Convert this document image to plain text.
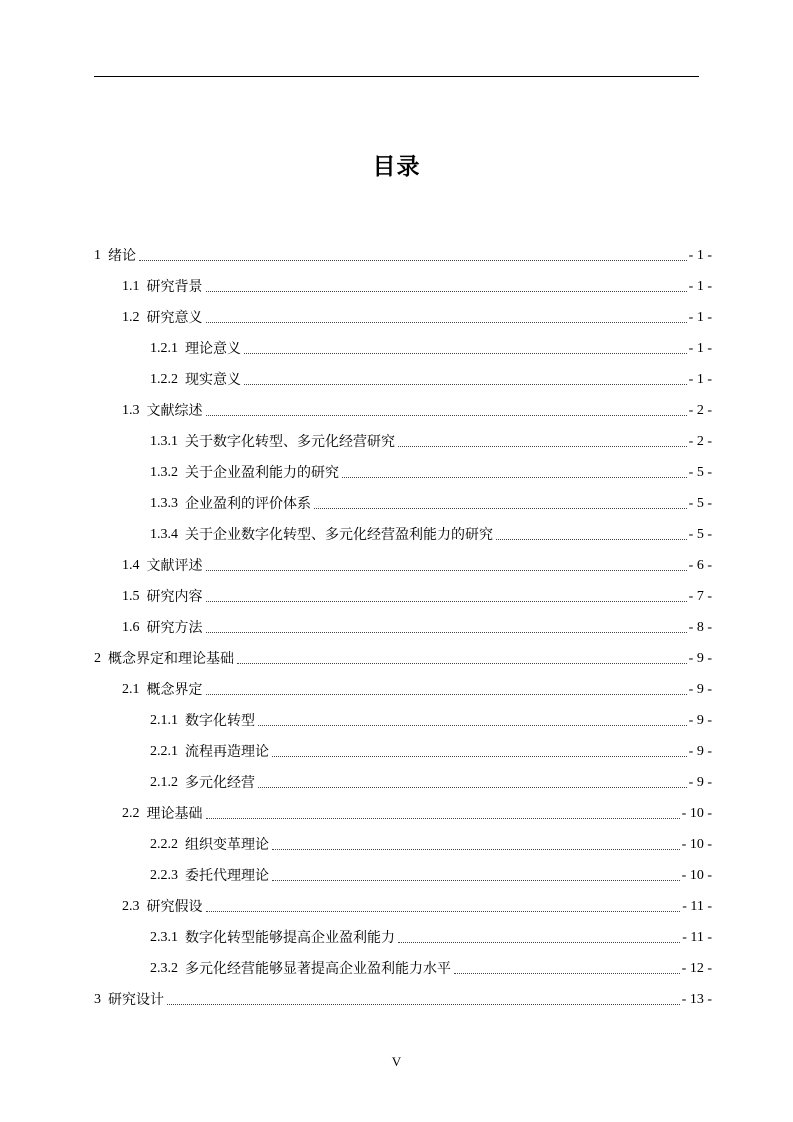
目录
1 绪论	- 1 -
1.1 研究背景	- 1 -
1.2 研究意义	- 1 -
1.2.1 理论意义	- 1 -
1.2.2 现实意义	- 1 -
1.3 文献综述	- 2 -
1.3.1 关于数字化转型、多元化经营研究	- 2 -
1.3.2 关于企业盈利能力的研究	- 5 -
1.3.3 企业盈利的评价体系	- 5 -
1.3.4 关于企业数字化转型、多元化经营盈利能力的研究	- 5 -
1.4 文献评述	- 6 -
1.5 研究内容	- 7 -
1.6 研究方法	- 8 -
2 概念界定和理论基础	- 9 -
2.1 概念界定	- 9 -
2.1.1 数字化转型	- 9 -
2.2.1 流程再造理论	- 9 -
2.1.2 多元化经营	- 9 -
2.2 理论基础	- 10 -
2.2.2 组织变革理论	- 10 -
2.2.3 委托代理理论	- 10 -
2.3 研究假设	- 11 -
2.3.1 数字化转型能够提高企业盈利能力	- 11 -
2.3.2 多元化经营能够显著提高企业盈利能力水平	- 12 -
3 研究设计	- 13 -
V
